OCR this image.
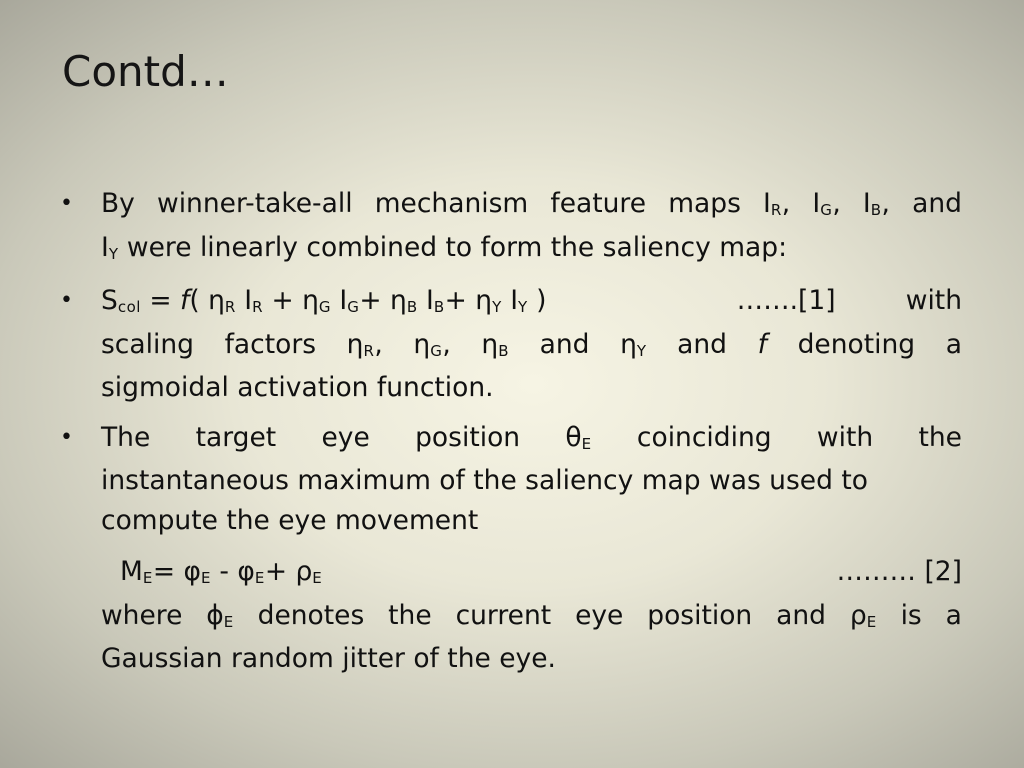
Contd…
• By winner-take-all mechanism feature maps IR, IG, IB, and
IY were linearly combined to form the saliency map:
• Scol = f( ηR IR + ηG IG+ ηB IB+ ηY IY )	…….[1]	with
scaling factors ηR, ηG, ηB and ηY and f denoting a
sigmoidal activation function.
• The target eye position θE coinciding with the
instantaneous maximum of the saliency map was used to
compute the eye movement
ME= φE - φE+ ρE	……… [2]
where ϕE denotes the current eye position and ρE is a
Gaussian random jitter of the eye.
